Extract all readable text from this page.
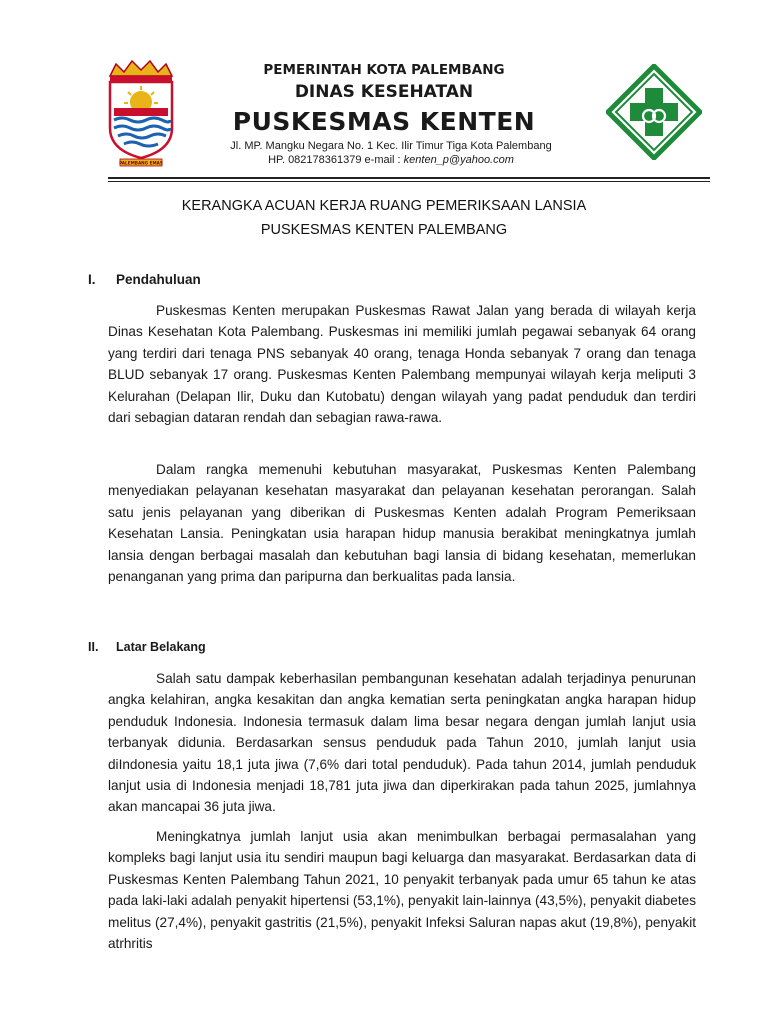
PALEMBANG EMAS
PEMERINTAH KOTA PALEMBANG
DINAS KESEHATAN
PUSKESMAS KENTEN
Jl. MP. Mangku Negara No. 1 Kec. Ilir Timur Tiga Kota Palembang
HP. 082178361379 e-mail : kenten_p@yahoo.com
KERANGKA ACUAN KERJA RUANG PEMERIKSAAN LANSIA
PUSKESMAS KENTEN PALEMBANG
I. Pendahuluan

Puskesmas Kenten merupakan Puskesmas Rawat Jalan yang berada di wilayah kerja Dinas Kesehatan Kota Palembang. Puskesmas ini memiliki jumlah pegawai sebanyak 64 orang yang terdiri dari tenaga PNS sebanyak 40 orang, tenaga Honda sebanyak 7 orang dan tenaga BLUD sebanyak 17 orang. Puskesmas Kenten Palembang mempunyai wilayah kerja meliputi 3 Kelurahan (Delapan Ilir, Duku dan Kutobatu) dengan wilayah yang padat penduduk dan terdiri dari sebagian dataran rendah dan sebagian rawa-rawa.

Dalam rangka memenuhi kebutuhan masyarakat, Puskesmas Kenten Palembang menyediakan pelayanan kesehatan masyarakat dan pelayanan kesehatan perorangan. Salah satu jenis pelayanan yang diberikan di Puskesmas Kenten adalah Program Pemeriksaan Kesehatan Lansia. Peningkatan usia harapan hidup manusia berakibat meningkatnya jumlah lansia dengan berbagai masalah dan kebutuhan bagi lansia di bidang kesehatan, memerlukan penanganan yang prima dan paripurna dan berkualitas pada lansia.

II. Latar Belakang

Salah satu dampak keberhasilan pembangunan kesehatan adalah terjadinya penurunan angka kelahiran, angka kesakitan dan angka kematian serta peningkatan angka harapan hidup penduduk Indonesia. Indonesia termasuk dalam lima besar negara dengan jumlah lanjut usia terbanyak didunia. Berdasarkan sensus penduduk pada Tahun 2010, jumlah lanjut usia diIndonesia yaitu 18,1 juta jiwa (7,6% dari total penduduk). Pada tahun 2014, jumlah penduduk lanjut usia di Indonesia menjadi 18,781 juta jiwa dan diperkirakan pada tahun 2025, jumlahnya akan mancapai 36 juta jiwa.

Meningkatnya jumlah lanjut usia akan menimbulkan berbagai permasalahan yang kompleks bagi lanjut usia itu sendiri maupun bagi keluarga dan masyarakat. Berdasarkan data di Puskesmas Kenten Palembang Tahun 2021, 10 penyakit terbanyak pada umur 65 tahun ke atas pada laki-laki adalah penyakit hipertensi (53,1%), penyakit lain-lainnya (43,5%), penyakit diabetes melitus (27,4%), penyakit gastritis (21,5%), penyakit Infeksi Saluran napas akut (19,8%), penyakit atrhritis
